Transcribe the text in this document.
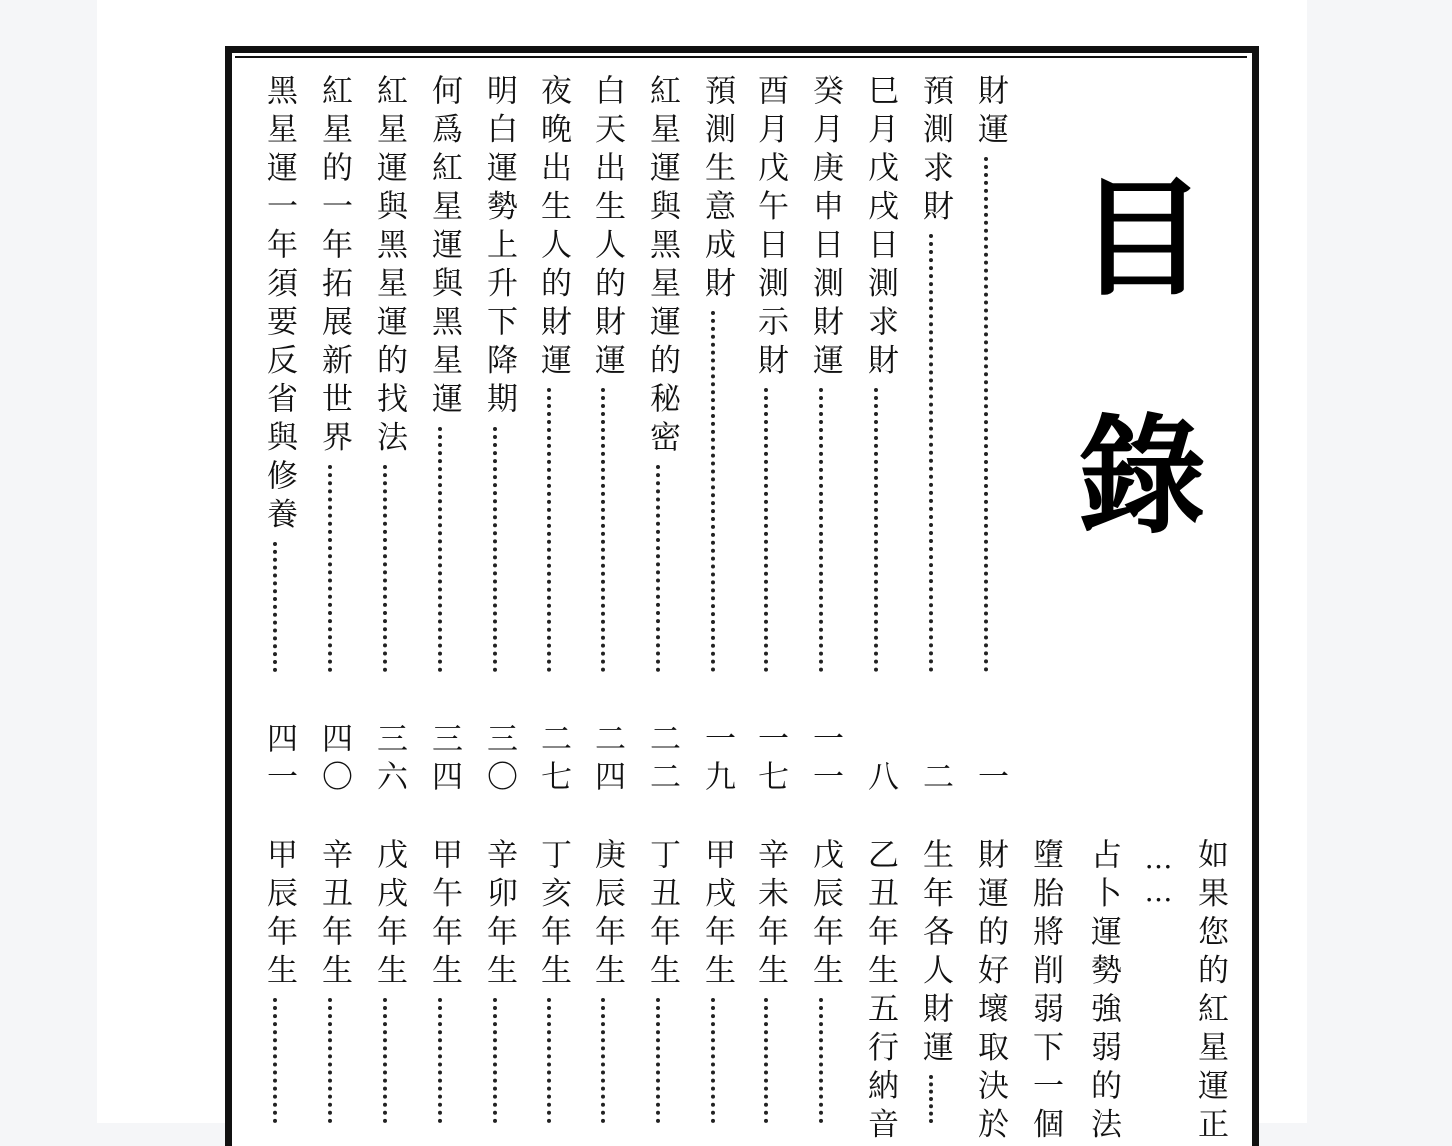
目錄
財運
一
預測求財
二
巳月戊戌日測求財
八
癸月庚申日測財運
一一
酉月戊午日測示財
一七
預測生意成財
一九
紅星運與黑星運的秘密
二二
白天出生人的財運
二四
夜晚出生人的財運
二七
明白運勢上升下降期
三〇
何爲紅星運與黑星運
三四
紅星運與黑星運的找法
三六
紅星的一年拓展新世界
四〇
黑星運一年須要反省與修養
四一
如果您的紅星運正
……
占卜運勢強弱的法
墮胎將削弱下一個
財運的好壞取決於
生年各人財運
乙丑年生五行納音
戊辰年生
辛未年生
甲戌年生
丁丑年生
庚辰年生
丁亥年生
辛卯年生
甲午年生
戊戌年生
辛丑年生
甲辰年生
